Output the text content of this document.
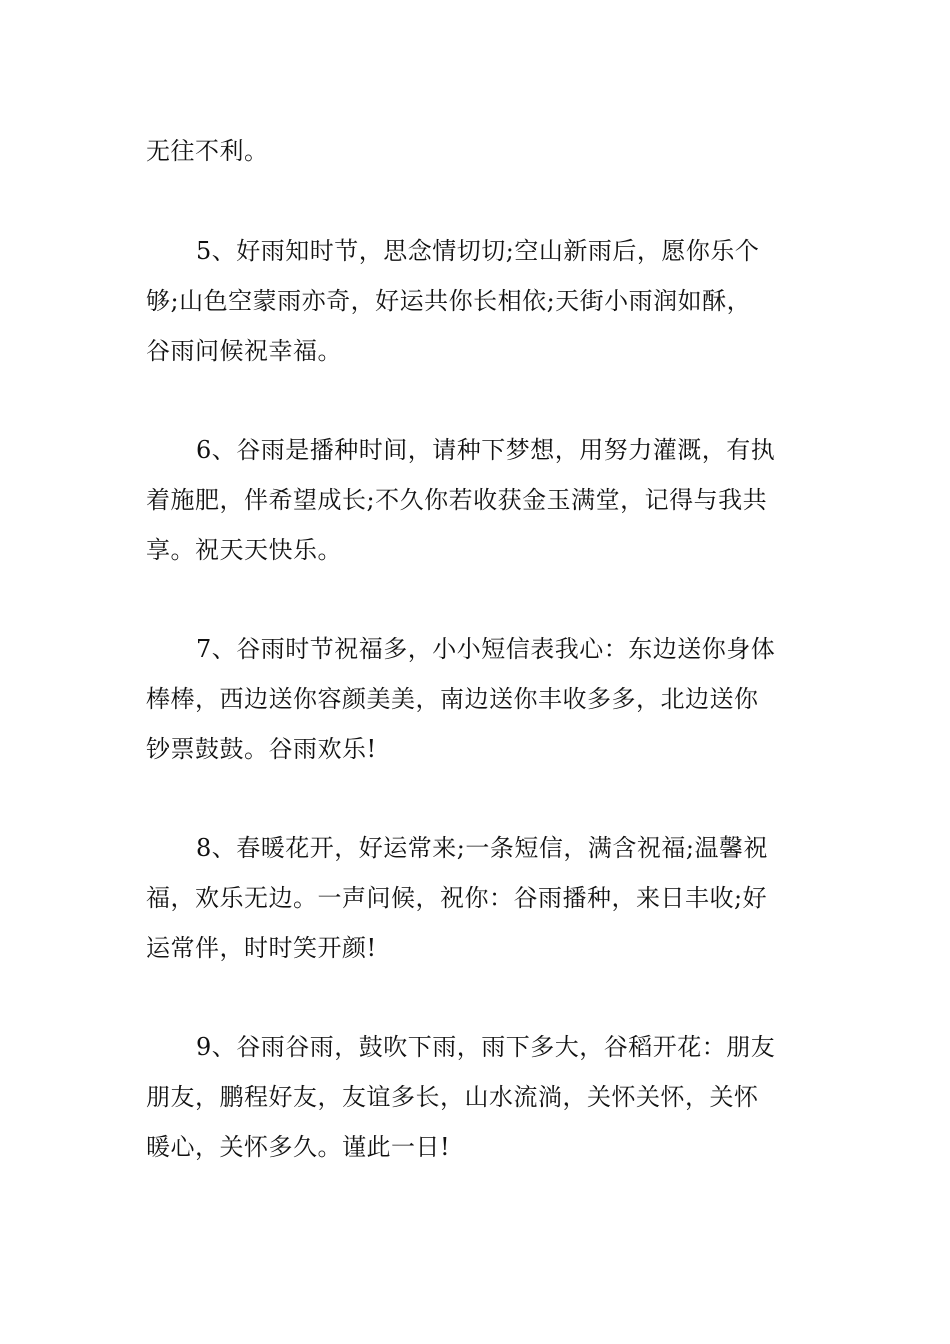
无往不利。
5、好雨知时节，思念情切切;空山新雨后，愿你乐个
够;山色空蒙雨亦奇，好运共你长相依;天街小雨润如酥，
谷雨问候祝幸福。
6、谷雨是播种时间，请种下梦想，用努力灌溉，有执
着施肥，伴希望成长;不久你若收获金玉满堂，记得与我共
享。祝天天快乐。
7、谷雨时节祝福多，小小短信表我心：东边送你身体
棒棒，西边送你容颜美美，南边送你丰收多多，北边送你
钞票鼓鼓。谷雨欢乐!
8、春暖花开，好运常来;一条短信，满含祝福;温馨祝
福，欢乐无边。一声问候，祝你：谷雨播种，来日丰收;好
运常伴，时时笑开颜!
9、谷雨谷雨，鼓吹下雨，雨下多大，谷稻开花：朋友
朋友，鹏程好友，友谊多长，山水流淌，关怀关怀，关怀
暖心，关怀多久。谨此一日!
